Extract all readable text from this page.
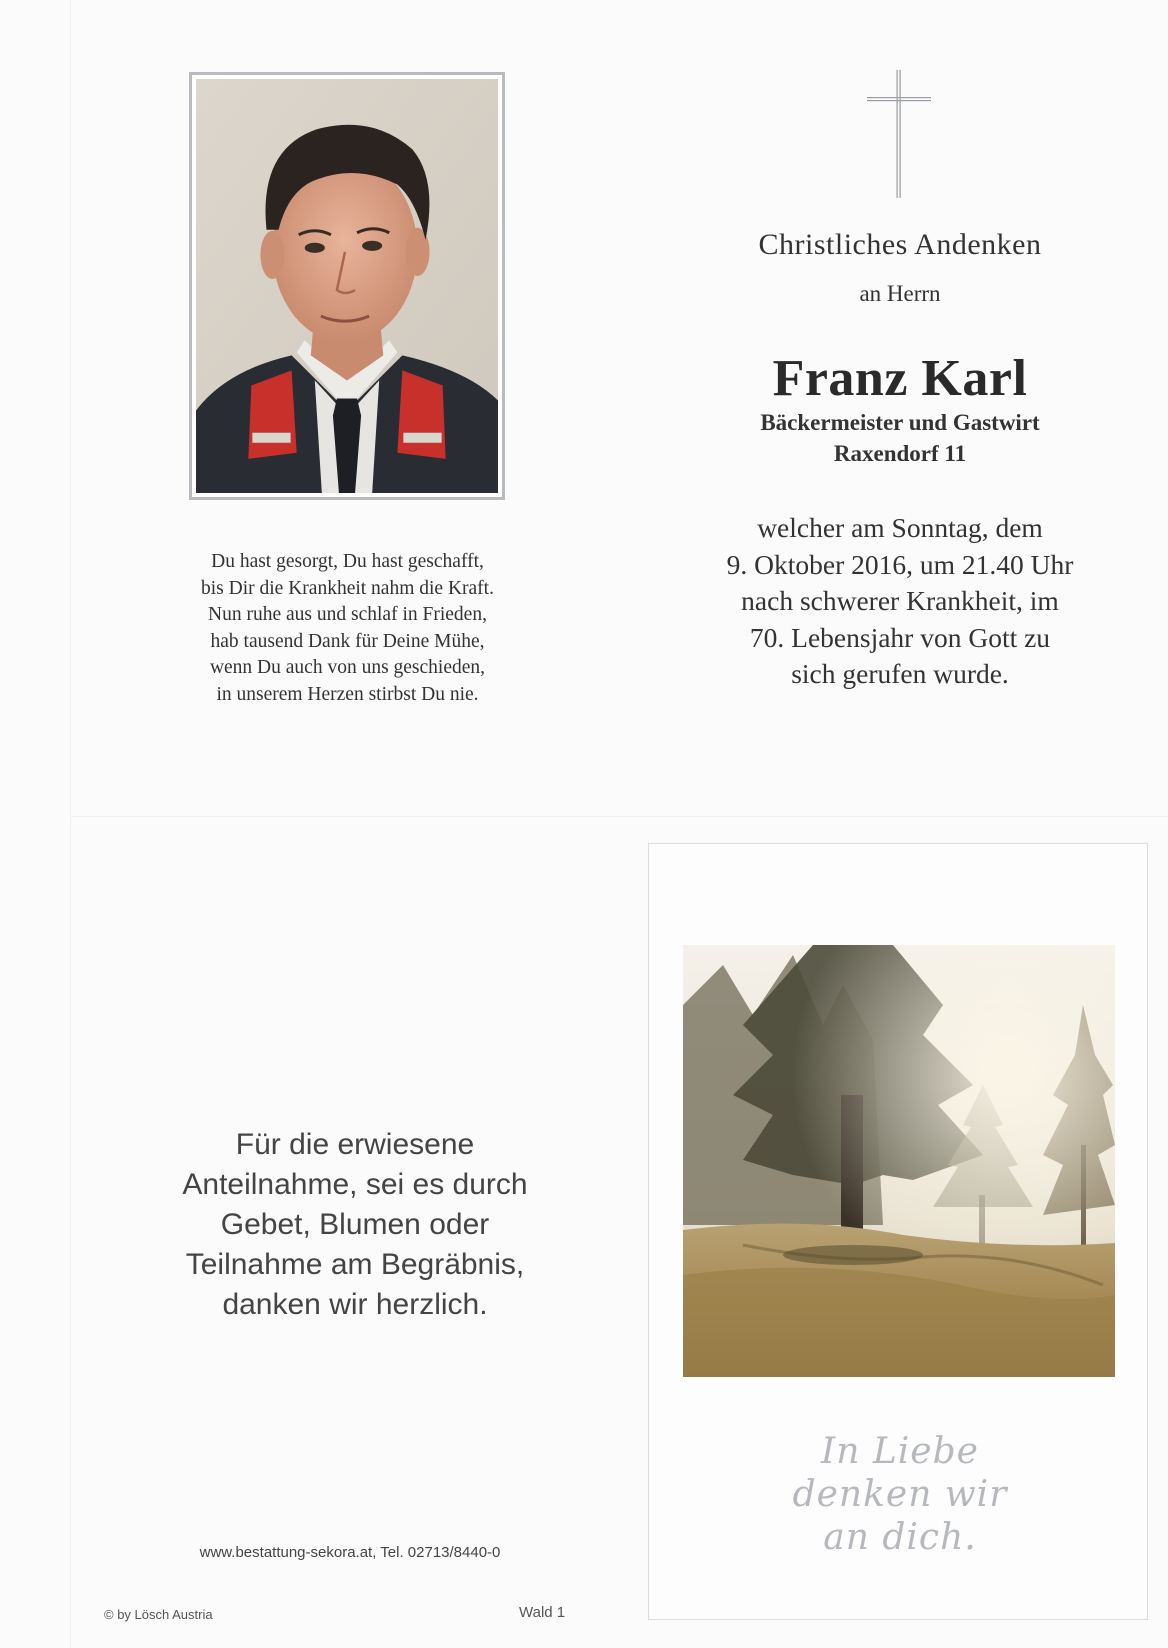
Du hast gesorgt, Du hast geschafft,
bis Dir die Krankheit nahm die Kraft.
Nun ruhe aus und schlaf in Frieden,
hab tausend Dank für Deine Mühe,
wenn Du auch von uns geschieden,
in unserem Herzen stirbst Du nie.
Christliches Andenken
an Herrn
Franz Karl
Bäckermeister und Gastwirt
Raxendorf 11
welcher am Sonntag, dem
9. Oktober 2016, um 21.40 Uhr
nach schwerer Krankheit, im
70. Lebensjahr von Gott zu
sich gerufen wurde.
Für die erwiesene
Anteilnahme, sei es durch
Gebet, Blumen oder
Teilnahme am Begräbnis,
danken wir herzlich.
www.bestattung-sekora.at, Tel. 02713/8440-0
© by Lösch Austria	Wald 1
In Liebe
denken wir
an dich.
